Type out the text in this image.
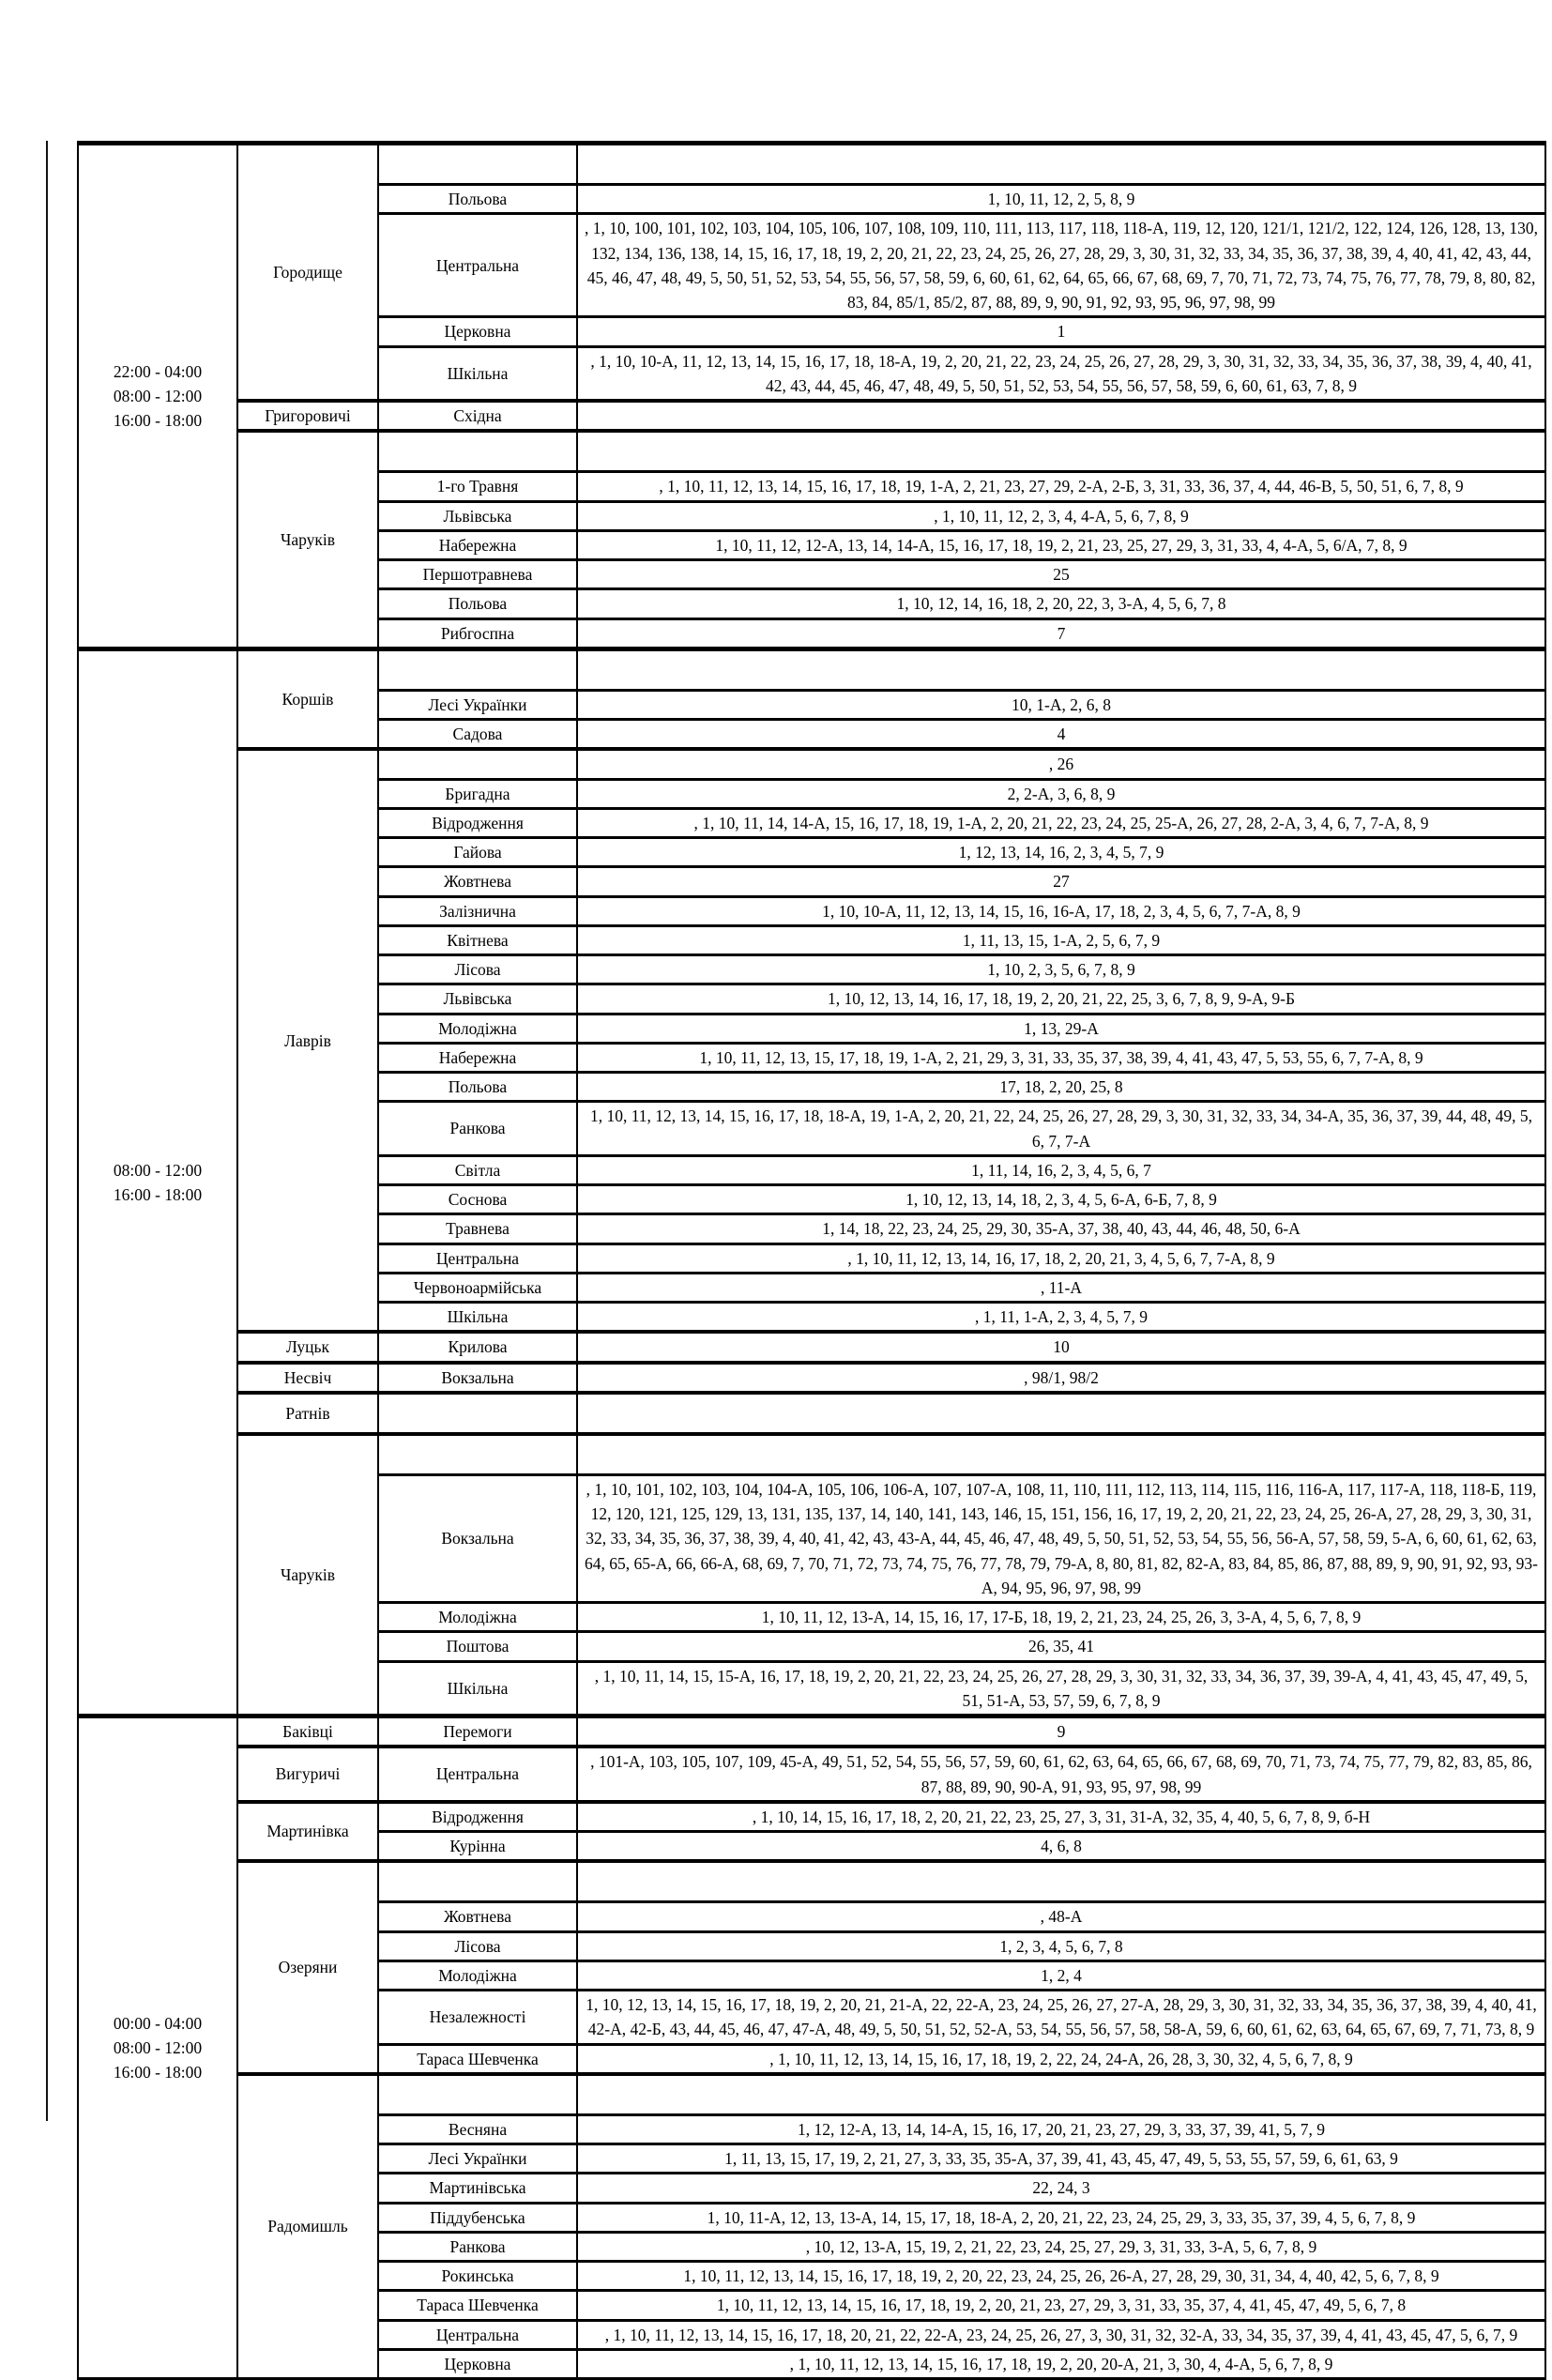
22:00 - 04:00
08:00 - 12:00
16:00 - 18:00	Городище		
		Польова	1, 10, 11, 12, 2, 5, 8, 9
		Центральна	, 1, 10, 100, 101, 102, 103, 104, 105, 106, 107, 108, 109, 110, 111, 113, 117, 118, 118-А, 119, 12, 120, 121/1, 121/2, 122, 124, 126, 128, 13, 130, 132, 134, 136, 138, 14, 15, 16, 17, 18, 19, 2, 20, 21, 22, 23, 24, 25, 26, 27, 28, 29, 3, 30, 31, 32, 33, 34, 35, 36, 37, 38, 39, 4, 40, 41, 42, 43, 44, 45, 46, 47, 48, 49, 5, 50, 51, 52, 53, 54, 55, 56, 57, 58, 59, 6, 60, 61, 62, 64, 65, 66, 67, 68, 69, 7, 70, 71, 72, 73, 74, 75, 76, 77, 78, 79, 8, 80, 82, 83, 84, 85/1, 85/2, 87, 88, 89, 9, 90, 91, 92, 93, 95, 96, 97, 98, 99
		Церковна	1
		Шкільна	, 1, 10, 10-А, 11, 12, 13, 14, 15, 16, 17, 18, 18-А, 19, 2, 20, 21, 22, 23, 24, 25, 26, 27, 28, 29, 3, 30, 31, 32, 33, 34, 35, 36, 37, 38, 39, 4, 40, 41, 42, 43, 44, 45, 46, 47, 48, 49, 5, 50, 51, 52, 53, 54, 55, 56, 57, 58, 59, 6, 60, 61, 63, 7, 8, 9
	Григоровичі	Східна	
	Чаруків		
		1-го Травня	, 1, 10, 11, 12, 13, 14, 15, 16, 17, 18, 19, 1-А, 2, 21, 23, 27, 29, 2-А, 2-Б, 3, 31, 33, 36, 37, 4, 44, 46-В, 5, 50, 51, 6, 7, 8, 9
		Львівська	, 1, 10, 11, 12, 2, 3, 4, 4-А, 5, 6, 7, 8, 9
		Набережна	1, 10, 11, 12, 12-А, 13, 14, 14-А, 15, 16, 17, 18, 19, 2, 21, 23, 25, 27, 29, 3, 31, 33, 4, 4-А, 5, 6/А, 7, 8, 9
		Першотравнева	25
		Польова	1, 10, 12, 14, 16, 18, 2, 20, 22, 3, 3-А, 4, 5, 6, 7, 8
		Рибгоспна	7

08:00 - 12:00
16:00 - 18:00	Коршів		
		Лесі Українки	10, 1-А, 2, 6, 8
		Садова	4
	Лаврів		, 26
		Бригадна	2, 2-А, 3, 6, 8, 9
		Відродження	, 1, 10, 11, 14, 14-А, 15, 16, 17, 18, 19, 1-А, 2, 20, 21, 22, 23, 24, 25, 25-А, 26, 27, 28, 2-А, 3, 4, 6, 7, 7-А, 8, 9
		Гайова	1, 12, 13, 14, 16, 2, 3, 4, 5, 7, 9
		Жовтнева	27
		Залізнична	1, 10, 10-А, 11, 12, 13, 14, 15, 16, 16-А, 17, 18, 2, 3, 4, 5, 6, 7, 7-А, 8, 9
		Квітнева	1, 11, 13, 15, 1-А, 2, 5, 6, 7, 9
		Лісова	1, 10, 2, 3, 5, 6, 7, 8, 9
		Львівська	1, 10, 12, 13, 14, 16, 17, 18, 19, 2, 20, 21, 22, 25, 3, 6, 7, 8, 9, 9-А, 9-Б
		Молодіжна	1, 13, 29-А
		Набережна	1, 10, 11, 12, 13, 15, 17, 18, 19, 1-А, 2, 21, 29, 3, 31, 33, 35, 37, 38, 39, 4, 41, 43, 47, 5, 53, 55, 6, 7, 7-А, 8, 9
		Польова	17, 18, 2, 20, 25, 8
		Ранкова	1, 10, 11, 12, 13, 14, 15, 16, 17, 18, 18-А, 19, 1-А, 2, 20, 21, 22, 24, 25, 26, 27, 28, 29, 3, 30, 31, 32, 33, 34, 34-А, 35, 36, 37, 39, 44, 48, 49, 5, 6, 7, 7-А
		Світла	1, 11, 14, 16, 2, 3, 4, 5, 6, 7
		Соснова	1, 10, 12, 13, 14, 18, 2, 3, 4, 5, 6-А, 6-Б, 7, 8, 9
		Травнева	1, 14, 18, 22, 23, 24, 25, 29, 30, 35-А, 37, 38, 40, 43, 44, 46, 48, 50, 6-А
		Центральна	, 1, 10, 11, 12, 13, 14, 16, 17, 18, 2, 20, 21, 3, 4, 5, 6, 7, 7-А, 8, 9
		Червоноармійська	, 11-А
		Шкільна	, 1, 11, 1-А, 2, 3, 4, 5, 7, 9
	Луцьк	Крилова	10
	Несвіч	Вокзальна	, 98/1, 98/2
	Ратнів		
	Чаруків		
		Вокзальна	, 1, 10, 101, 102, 103, 104, 104-А, 105, 106, 106-А, 107, 107-А, 108, 11, 110, 111, 112, 113, 114, 115, 116, 116-А, 117, 117-А, 118, 118-Б, 119, 12, 120, 121, 125, 129, 13, 131, 135, 137, 14, 140, 141, 143, 146, 15, 151, 156, 16, 17, 19, 2, 20, 21, 22, 23, 24, 25, 26-А, 27, 28, 29, 3, 30, 31, 32, 33, 34, 35, 36, 37, 38, 39, 4, 40, 41, 42, 43, 43-А, 44, 45, 46, 47, 48, 49, 5, 50, 51, 52, 53, 54, 55, 56, 56-А, 57, 58, 59, 5-А, 6, 60, 61, 62, 63, 64, 65, 65-А, 66, 66-А, 68, 69, 7, 70, 71, 72, 73, 74, 75, 76, 77, 78, 79, 79-А, 8, 80, 81, 82, 82-А, 83, 84, 85, 86, 87, 88, 89, 9, 90, 91, 92, 93, 93-А, 94, 95, 96, 97, 98, 99
		Молодіжна	1, 10, 11, 12, 13-А, 14, 15, 16, 17, 17-Б, 18, 19, 2, 21, 23, 24, 25, 26, 3, 3-А, 4, 5, 6, 7, 8, 9
		Поштова	26, 35, 41
		Шкільна	, 1, 10, 11, 14, 15, 15-А, 16, 17, 18, 19, 2, 20, 21, 22, 23, 24, 25, 26, 27, 28, 29, 3, 30, 31, 32, 33, 34, 36, 37, 39, 39-А, 4, 41, 43, 45, 47, 49, 5, 51, 51-А, 53, 57, 59, 6, 7, 8, 9

00:00 - 04:00
08:00 - 12:00
16:00 - 18:00	Баківці	Перемоги	9
	Вигуричі	Центральна	, 101-А, 103, 105, 107, 109, 45-А, 49, 51, 52, 54, 55, 56, 57, 59, 60, 61, 62, 63, 64, 65, 66, 67, 68, 69, 70, 71, 73, 74, 75, 77, 79, 82, 83, 85, 86, 87, 88, 89, 90, 90-А, 91, 93, 95, 97, 98, 99
	Мартинівка	Відродження	, 1, 10, 14, 15, 16, 17, 18, 2, 20, 21, 22, 23, 25, 27, 3, 31, 31-А, 32, 35, 4, 40, 5, 6, 7, 8, 9, б-Н
		Курінна	4, 6, 8
	Озеряни		
		Жовтнева	, 48-А
		Лісова	1, 2, 3, 4, 5, 6, 7, 8
		Молодіжна	1, 2, 4
		Незалежності	1, 10, 12, 13, 14, 15, 16, 17, 18, 19, 2, 20, 21, 21-А, 22, 22-А, 23, 24, 25, 26, 27, 27-А, 28, 29, 3, 30, 31, 32, 33, 34, 35, 36, 37, 38, 39, 4, 40, 41, 42-А, 42-Б, 43, 44, 45, 46, 47, 47-А, 48, 49, 5, 50, 51, 52, 52-А, 53, 54, 55, 56, 57, 58, 58-А, 59, 6, 60, 61, 62, 63, 64, 65, 67, 69, 7, 71, 73, 8, 9
		Тараса Шевченка	, 1, 10, 11, 12, 13, 14, 15, 16, 17, 18, 19, 2, 22, 24, 24-А, 26, 28, 3, 30, 32, 4, 5, 6, 7, 8, 9
	Радомишль		
		Весняна	1, 12, 12-А, 13, 14, 14-А, 15, 16, 17, 20, 21, 23, 27, 29, 3, 33, 37, 39, 41, 5, 7, 9
		Лесі Українки	1, 11, 13, 15, 17, 19, 2, 21, 27, 3, 33, 35, 35-А, 37, 39, 41, 43, 45, 47, 49, 5, 53, 55, 57, 59, 6, 61, 63, 9
		Мартинівська	22, 24, 3
		Піддубенська	1, 10, 11-А, 12, 13, 13-А, 14, 15, 17, 18, 18-А, 2, 20, 21, 22, 23, 24, 25, 29, 3, 33, 35, 37, 39, 4, 5, 6, 7, 8, 9
		Ранкова	, 10, 12, 13-А, 15, 19, 2, 21, 22, 23, 24, 25, 27, 29, 3, 31, 33, 3-А, 5, 6, 7, 8, 9
		Рокинська	1, 10, 11, 12, 13, 14, 15, 16, 17, 18, 19, 2, 20, 22, 23, 24, 25, 26, 26-А, 27, 28, 29, 30, 31, 34, 4, 40, 42, 5, 6, 7, 8, 9
		Тараса Шевченка	1, 10, 11, 12, 13, 14, 15, 16, 17, 18, 19, 2, 20, 21, 23, 27, 29, 3, 31, 33, 35, 37, 4, 41, 45, 47, 49, 5, 6, 7, 8
		Центральна	, 1, 10, 11, 12, 13, 14, 15, 16, 17, 18, 20, 21, 22, 22-А, 23, 24, 25, 26, 27, 3, 30, 31, 32, 32-А, 33, 34, 35, 37, 39, 4, 41, 43, 45, 47, 5, 6, 7, 9
		Церковна	, 1, 10, 11, 12, 13, 14, 15, 16, 17, 18, 19, 2, 20, 20-А, 21, 3, 30, 4, 4-А, 5, 6, 7, 8, 9
